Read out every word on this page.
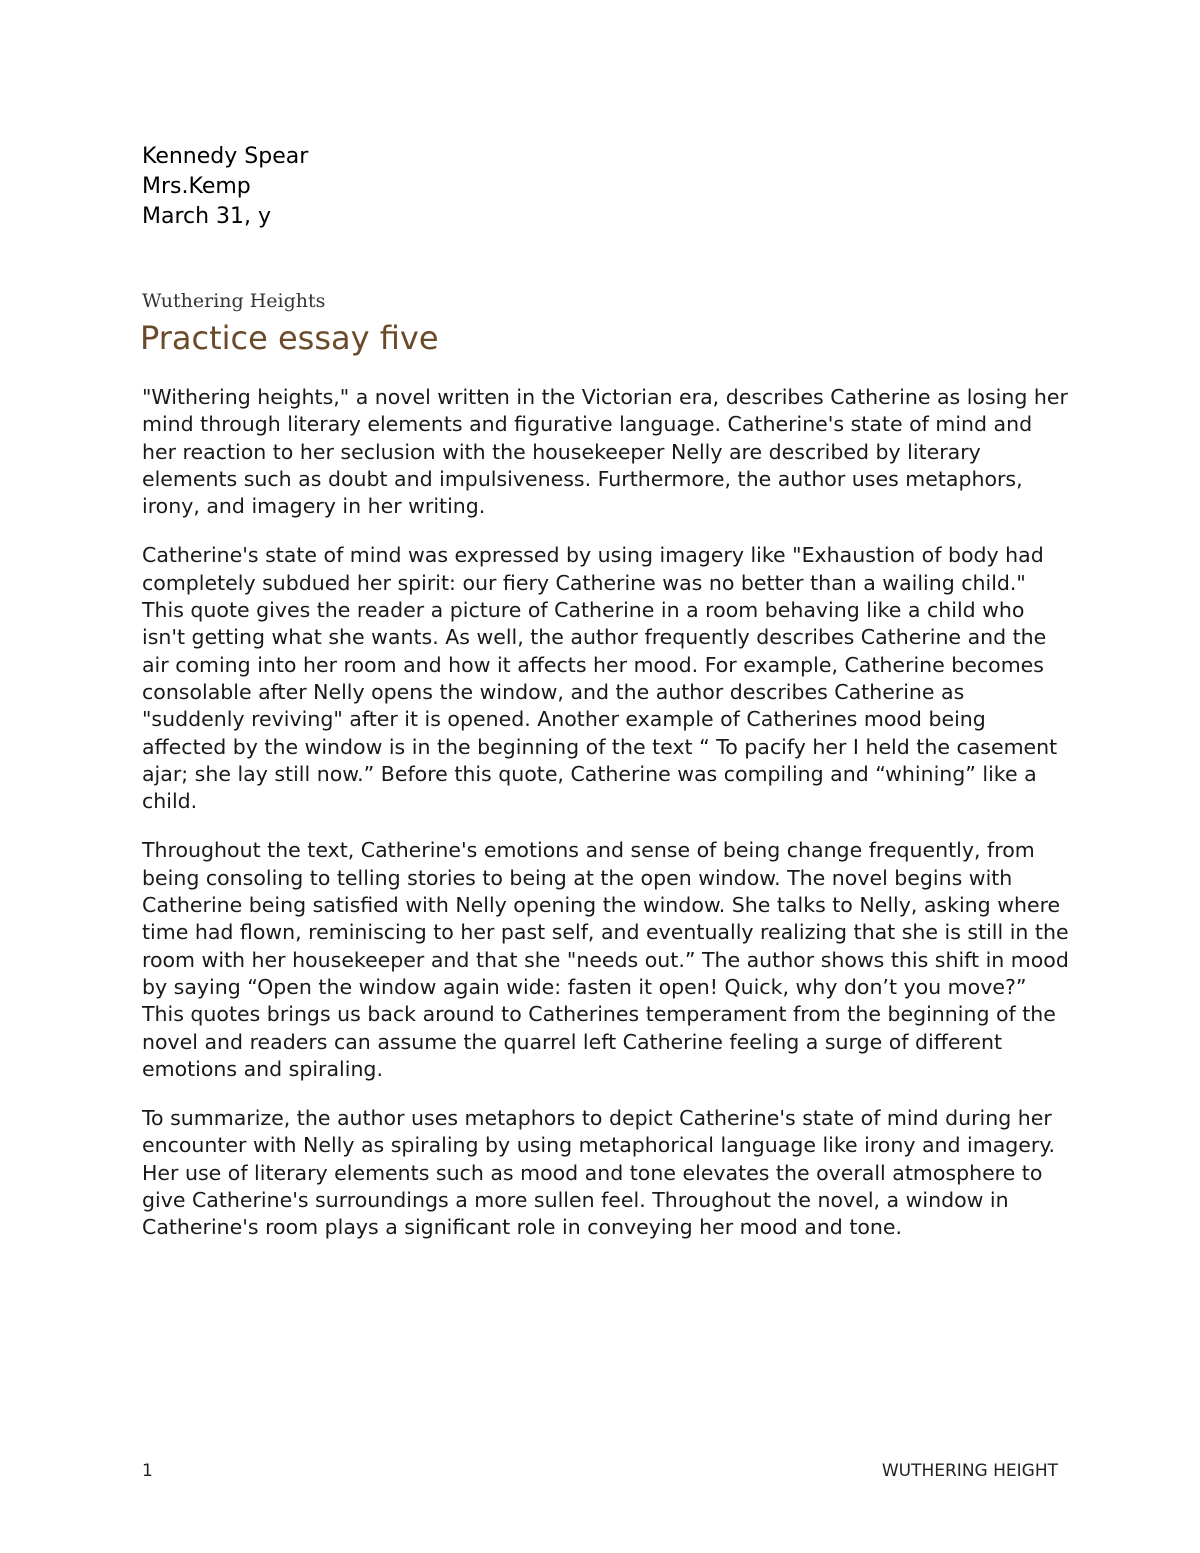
Kennedy Spear
Mrs.Kemp
March 31, y
Wuthering Heights
Practice essay five

"Withering heights," a novel written in the Victorian era, describes Catherine as losing her mind through literary elements and figurative language. Catherine's state of mind and her reaction to her seclusion with the housekeeper Nelly are described by literary elements such as doubt and impulsiveness. Furthermore, the author uses metaphors, irony, and imagery in her writing.

Catherine's state of mind was expressed by using imagery like "Exhaustion of body had completely subdued her spirit: our fiery Catherine was no better than a wailing child." This quote gives the reader a picture of Catherine in a room behaving like a child who isn't getting what she wants. As well, the author frequently describes Catherine and the air coming into her room and how it affects her mood. For example, Catherine becomes consolable after Nelly opens the window, and the author describes Catherine as "suddenly reviving" after it is opened. Another example of Catherines mood being affected by the window is in the beginning of the text “ To pacify her I held the casement ajar; she lay still now.” Before this quote, Catherine was compiling and “whining” like a child.

Throughout the text, Catherine's emotions and sense of being change frequently, from being consoling to telling stories to being at the open window. The novel begins with Catherine being satisfied with Nelly opening the window. She talks to Nelly, asking where time had flown, reminiscing to her past self, and eventually realizing that she is still in the room with her housekeeper and that she "needs out.” The author shows this shift in mood by saying “Open the window again wide: fasten it open! Quick, why don’t you move?” This quotes brings us back around to Catherines temperament from the beginning of the novel and readers can assume the quarrel left Catherine feeling a surge of different emotions and spiraling.

To summarize, the author uses metaphors to depict Catherine's state of mind during her encounter with Nelly as spiraling by using metaphorical language like irony and imagery. Her use of literary elements such as mood and tone elevates the overall atmosphere to give Catherine's surroundings a more sullen feel. Throughout the novel, a window in Catherine's room plays a significant role in conveying her mood and tone.

1	WUTHERING HEIGHT
